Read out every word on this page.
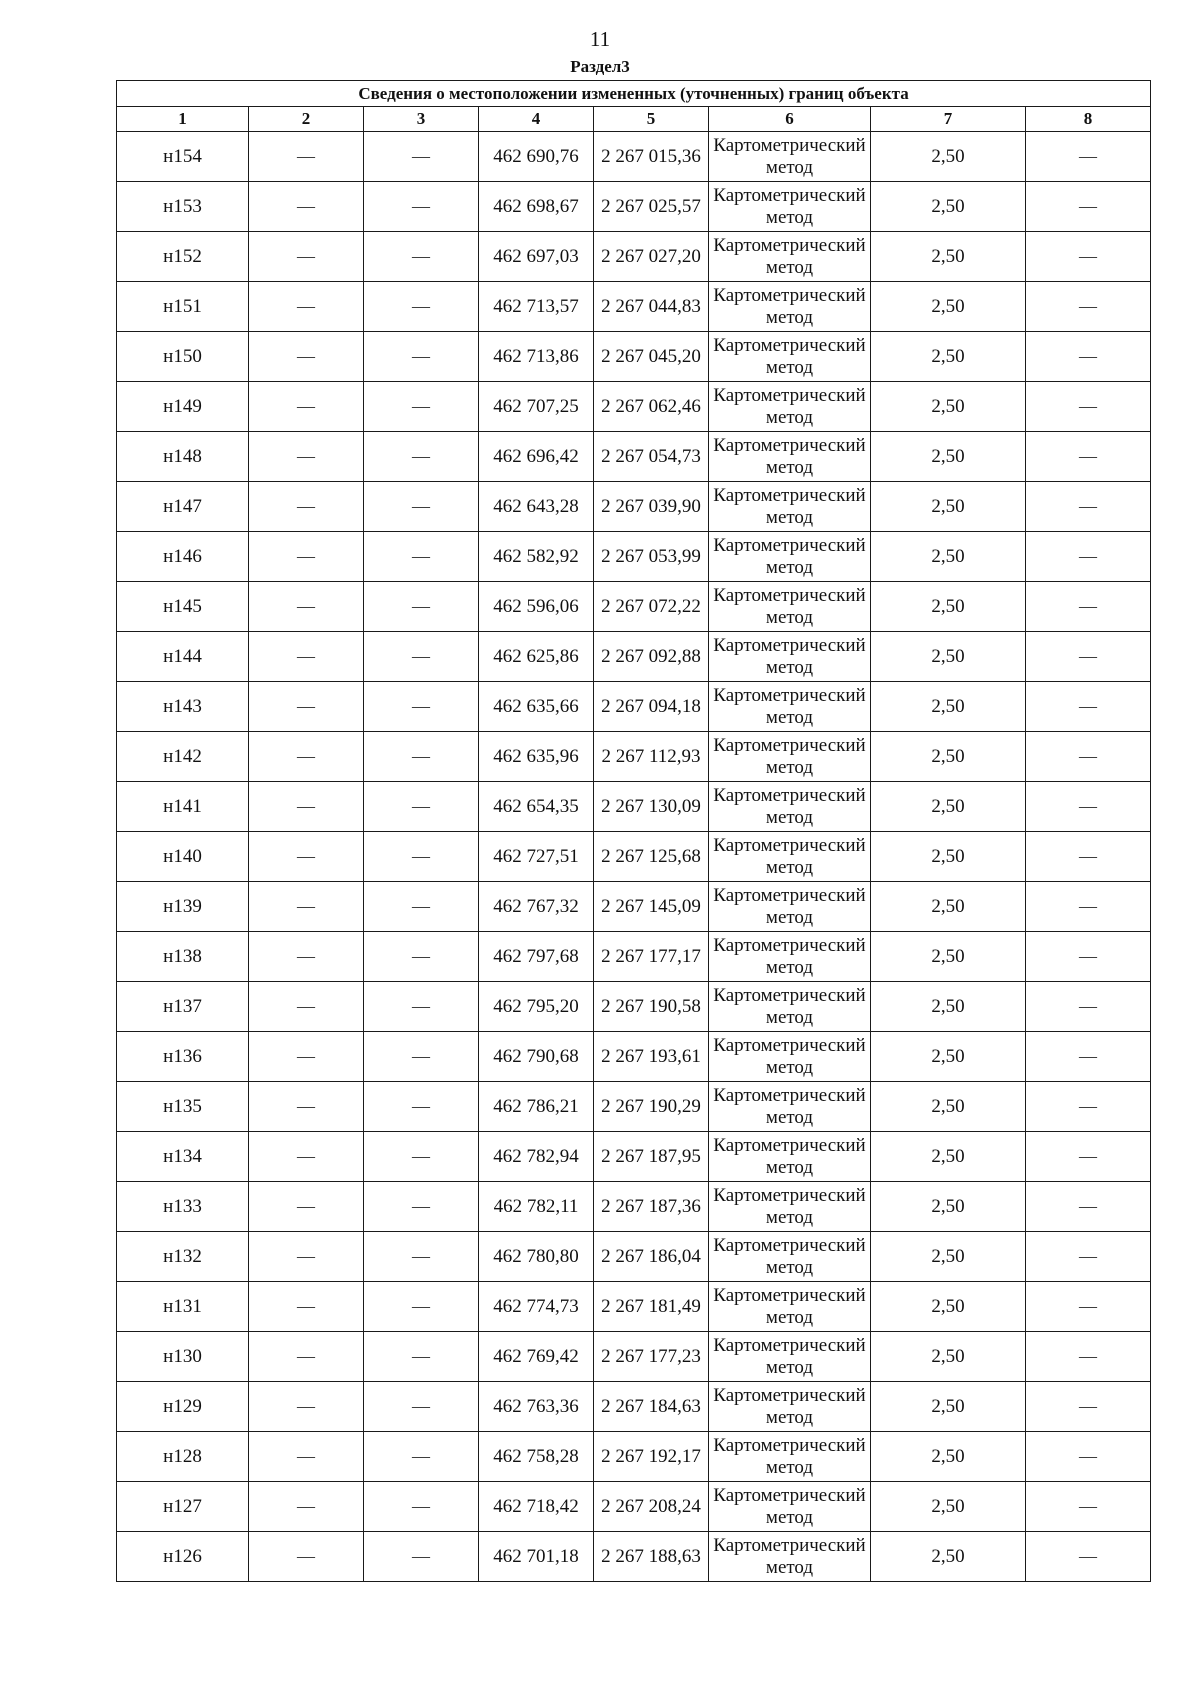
11
Раздел3
Сведения о местоположении измененных (уточненных) границ объекта							
1	2	3	4	5	6	7	8
н154	—	—	462 690,76	2 267 015,36	Картометрический метод	2,50	—
н153	—	—	462 698,67	2 267 025,57	Картометрический метод	2,50	—
н152	—	—	462 697,03	2 267 027,20	Картометрический метод	2,50	—
н151	—	—	462 713,57	2 267 044,83	Картометрический метод	2,50	—
н150	—	—	462 713,86	2 267 045,20	Картометрический метод	2,50	—
н149	—	—	462 707,25	2 267 062,46	Картометрический метод	2,50	—
н148	—	—	462 696,42	2 267 054,73	Картометрический метод	2,50	—
н147	—	—	462 643,28	2 267 039,90	Картометрический метод	2,50	—
н146	—	—	462 582,92	2 267 053,99	Картометрический метод	2,50	—
н145	—	—	462 596,06	2 267 072,22	Картометрический метод	2,50	—
н144	—	—	462 625,86	2 267 092,88	Картометрический метод	2,50	—
н143	—	—	462 635,66	2 267 094,18	Картометрический метод	2,50	—
н142	—	—	462 635,96	2 267 112,93	Картометрический метод	2,50	—
н141	—	—	462 654,35	2 267 130,09	Картометрический метод	2,50	—
н140	—	—	462 727,51	2 267 125,68	Картометрический метод	2,50	—
н139	—	—	462 767,32	2 267 145,09	Картометрический метод	2,50	—
н138	—	—	462 797,68	2 267 177,17	Картометрический метод	2,50	—
н137	—	—	462 795,20	2 267 190,58	Картометрический метод	2,50	—
н136	—	—	462 790,68	2 267 193,61	Картометрический метод	2,50	—
н135	—	—	462 786,21	2 267 190,29	Картометрический метод	2,50	—
н134	—	—	462 782,94	2 267 187,95	Картометрический метод	2,50	—
н133	—	—	462 782,11	2 267 187,36	Картометрический метод	2,50	—
н132	—	—	462 780,80	2 267 186,04	Картометрический метод	2,50	—
н131	—	—	462 774,73	2 267 181,49	Картометрический метод	2,50	—
н130	—	—	462 769,42	2 267 177,23	Картометрический метод	2,50	—
н129	—	—	462 763,36	2 267 184,63	Картометрический метод	2,50	—
н128	—	—	462 758,28	2 267 192,17	Картометрический метод	2,50	—
н127	—	—	462 718,42	2 267 208,24	Картометрический метод	2,50	—
н126	—	—	462 701,18	2 267 188,63	Картометрический метод	2,50	—
